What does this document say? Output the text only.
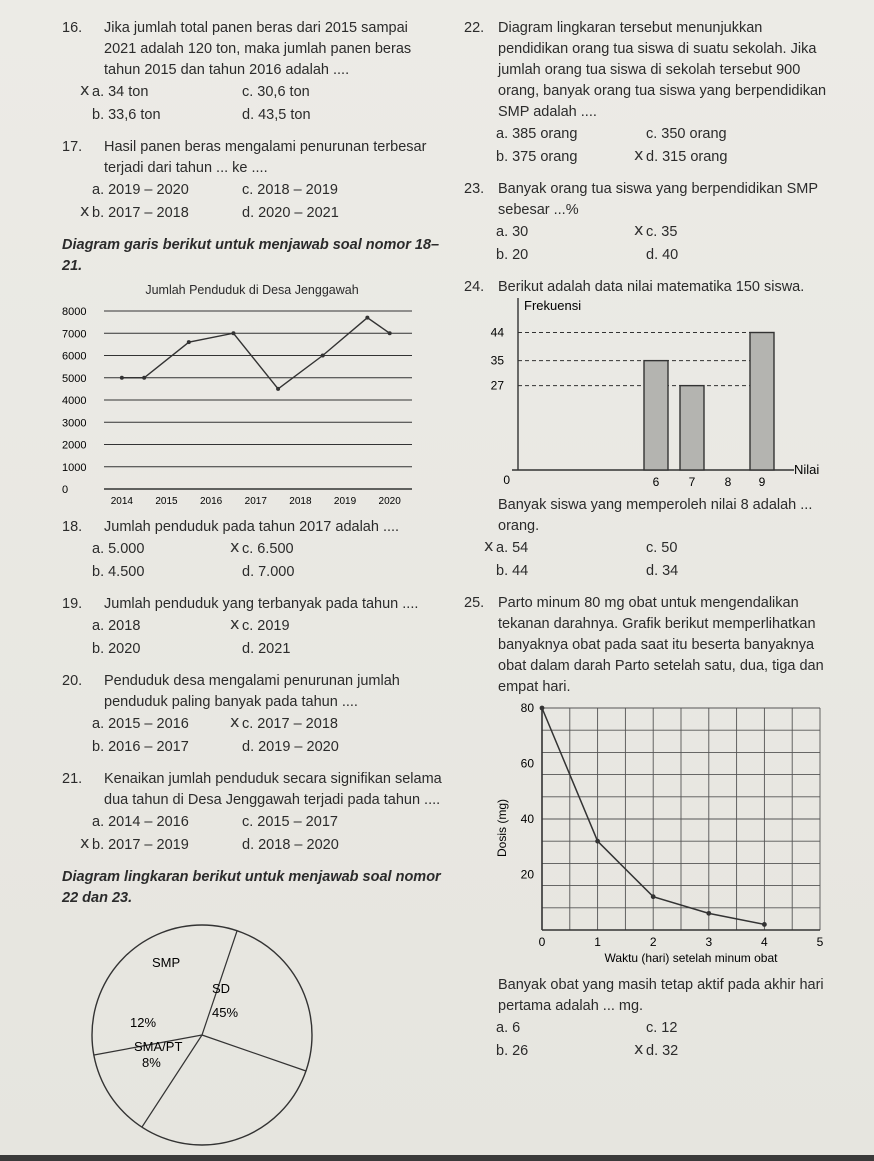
16.	Jika jumlah total panen beras dari 2015 sampai 2021 adalah 120 ton, maka jumlah panen beras tahun 2015 dan tahun 2016 adalah ....
x a. 34 ton	c. 30,6 ton
b. 33,6 ton	d. 43,5 ton
17.	Hasil panen beras mengalami penurunan terbesar terjadi dari tahun ... ke ....
a. 2019 – 2020	c. 2018 – 2019
x b. 2017 – 2018	d. 2020 – 2021
Diagram garis berikut untuk menjawab soal nomor 18–21.
Jumlah Penduduk di Desa Jenggawah
0
1000
2000
3000
4000
5000
6000
7000
8000
2014 2015 2016 2017 2018 2019 2020
18.	Jumlah penduduk pada tahun 2017 adalah ....
a. 5.000	x c. 6.500
b. 4.500	d. 7.000
19.	Jumlah penduduk yang terbanyak pada tahun ....
a. 2018	x c. 2019
b. 2020	d. 2021
20.	Penduduk desa mengalami penurunan jumlah penduduk paling banyak pada tahun ....
a. 2015 – 2016	x c. 2017 – 2018
b. 2016 – 2017	d. 2019 – 2020
21.	Kenaikan jumlah penduduk secara signifikan selama dua tahun di Desa Jenggawah terjadi pada tahun ....
a. 2014 – 2016	c. 2015 – 2017
x b. 2017 – 2019	d. 2018 – 2020
Diagram lingkaran berikut untuk menjawab soal nomor 22 dan 23.
SMP
SD
45%
12%
SMA/PT
8%
22. Diagram lingkaran tersebut menunjukkan pendidikan orang tua siswa di suatu sekolah. Jika jumlah orang tua siswa di sekolah tersebut 900 orang, banyak orang tua siswa yang berpendidikan SMP adalah ....
a. 385 orang	c. 350 orang
b. 375 orang	x d. 315 orang
23. Banyak orang tua siswa yang berpendidikan SMP sebesar ...%
a. 30	x c. 35
b. 20	d. 40
24. Berikut adalah data nilai matematika 150 siswa.
Frekuensi
Nilai
0
27
35
44
6 7 8 9
Banyak siswa yang memperoleh nilai 8 adalah ... orang.
x a. 54	c. 50
b. 44	d. 34
25. Parto minum 80 mg obat untuk mengendalikan tekanan darahnya. Grafik berikut memperlihatkan banyaknya obat pada saat itu beserta banyaknya obat dalam darah Parto setelah satu, dua, tiga dan empat hari.
20
40
60
80
0	1	2	3	4	5
Dosis (mg)
Waktu (hari) setelah minum obat
Banyak obat yang masih tetap aktif pada akhir hari pertama adalah ... mg.
a. 6	c. 12
b. 26	x d. 32
